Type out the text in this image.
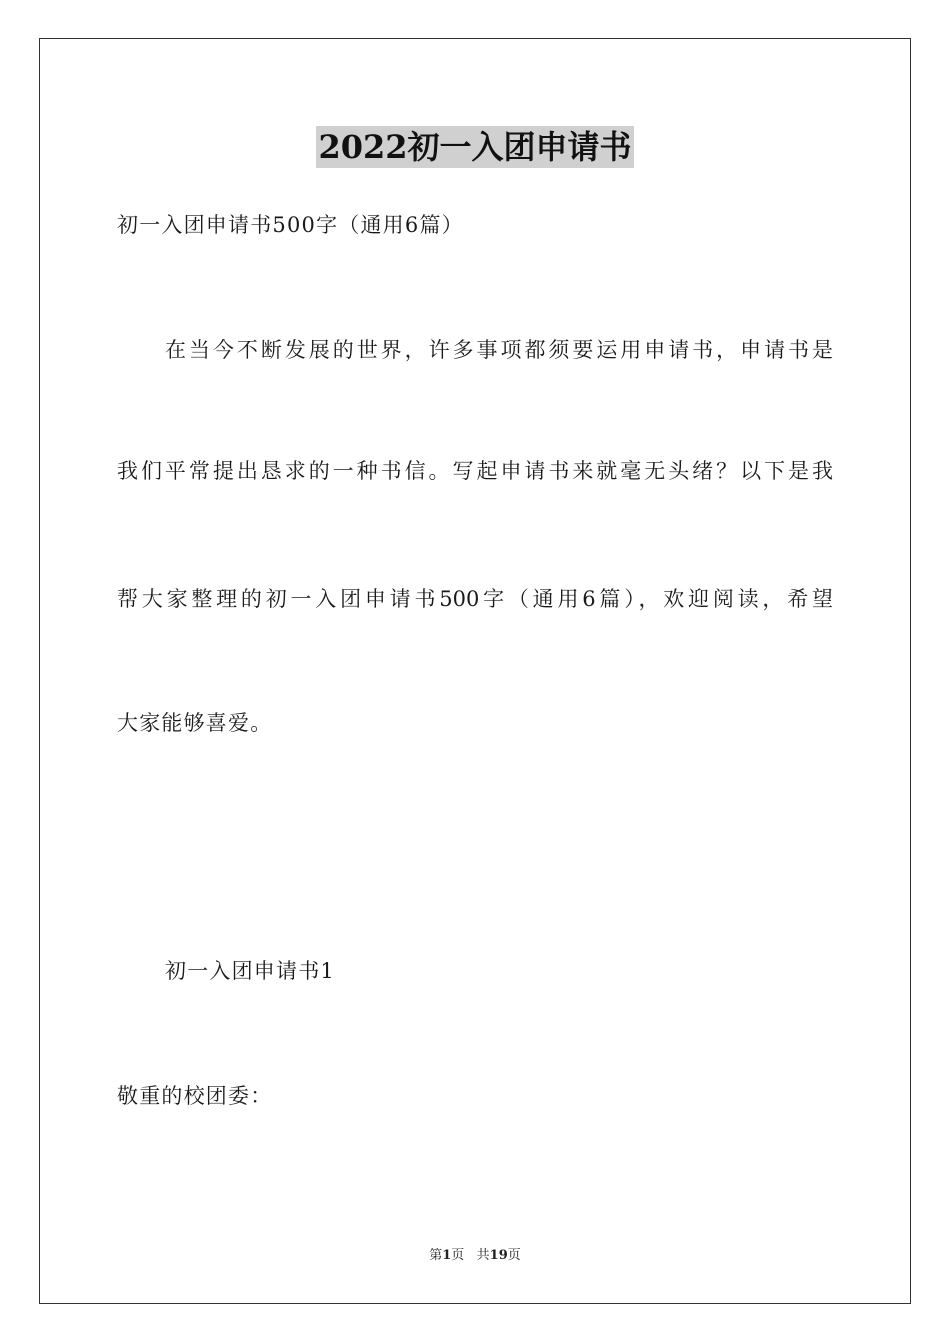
2022初一入团申请书
初一入团申请书500字（通用6篇）
在当今不断发展的世界，许多事项都须要运用申请书，申请书是
我们平常提出恳求的一种书信。写起申请书来就毫无头绪？以下是我
帮大家整理的初一入团申请书500字（通用6篇），欢迎阅读，希望
大家能够喜爱。
初一入团申请书1
敬重的校团委：
第1页   共19页
